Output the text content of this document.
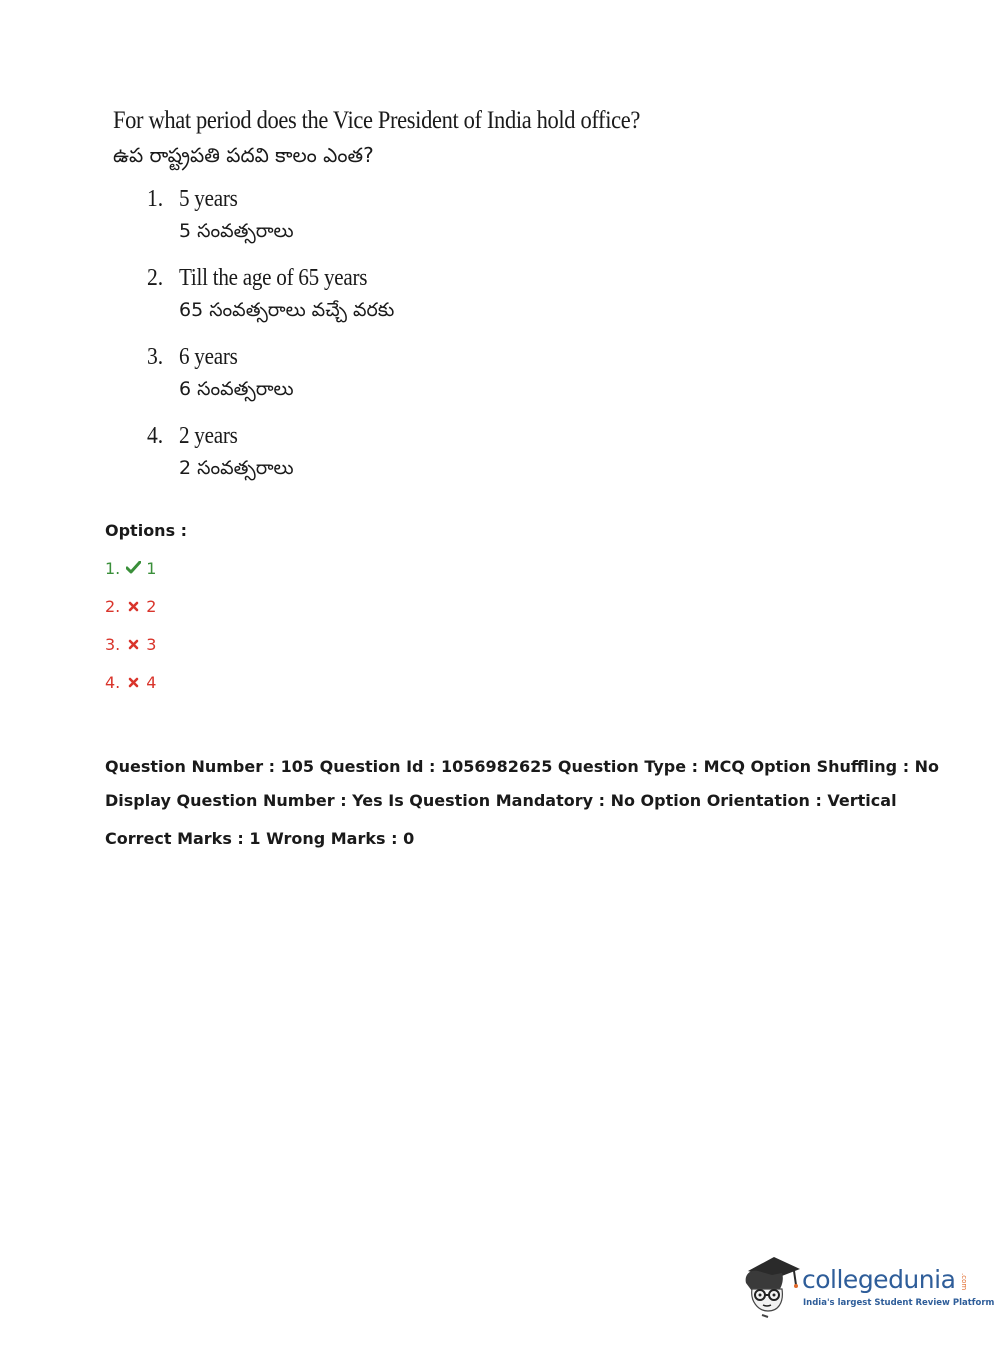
For what period does the Vice President of India hold office?
ఉప రాష్ట్రపతి పదవి కాలం ఎంత?
1. 5 years
5 సంవత్సరాలు
2. Till the age of 65 years
65 సంవత్సరాలు వచ్చే వరకు
3. 6 years
6 సంవత్సరాలు
4. 2 years
2 సంవత్సరాలు
Options :
1. 1
2. 2
3. 3
4. 4
Question Number : 105 Question Id : 1056982625 Question Type : MCQ Option Shuffling : No
Display Question Number : Yes Is Question Mandatory : No Option Orientation : Vertical
Correct Marks : 1 Wrong Marks : 0
collegedunia .com
India's largest Student Review Platform
